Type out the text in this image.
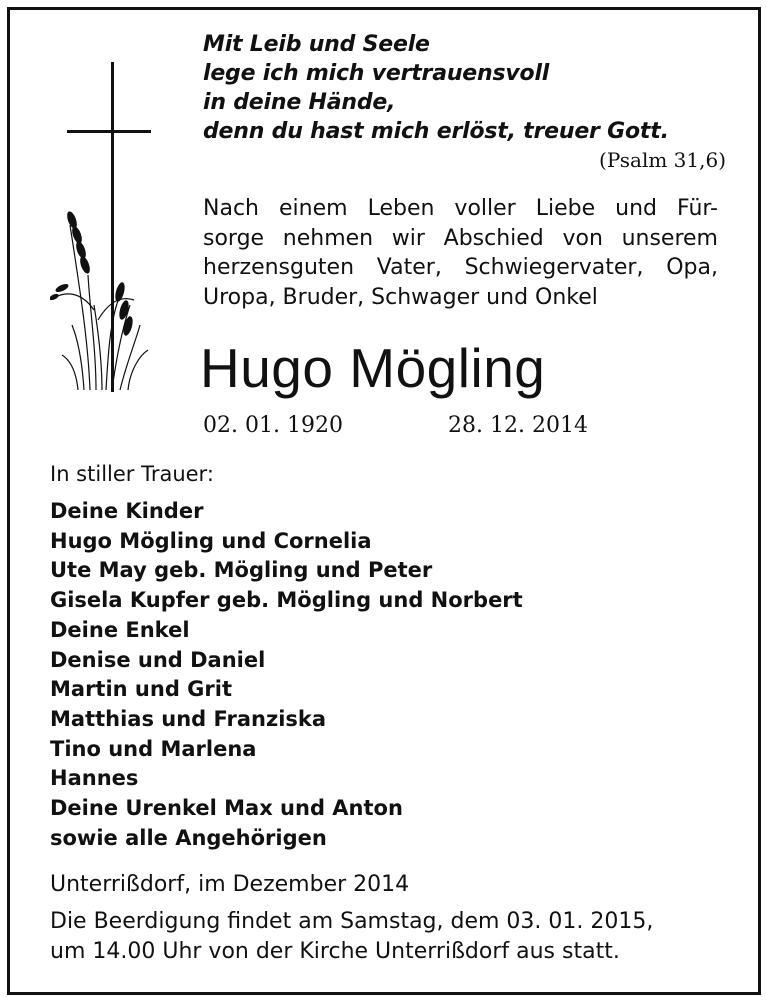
Mit Leib und Seele
lege ich mich vertrauensvoll
in deine Hände,
denn du hast mich erlöst, treuer Gott.
(Psalm 31,6)
Nach einem Leben voller Liebe und Für-
sorge nehmen wir Abschied von unserem
herzensguten Vater, Schwiegervater, Opa,
Uropa, Bruder, Schwager und Onkel
Hugo Mögling
02. 01. 1920	28. 12. 2014
In stiller Trauer:
Deine Kinder
Hugo Mögling und Cornelia
Ute May geb. Mögling und Peter
Gisela Kupfer geb. Mögling und Norbert
Deine Enkel
Denise und Daniel
Martin und Grit
Matthias und Franziska
Tino und Marlena
Hannes
Deine Urenkel Max und Anton
sowie alle Angehörigen
Unterrißdorf, im Dezember 2014
Die Beerdigung findet am Samstag, dem 03. 01. 2015,
um 14.00 Uhr von der Kirche Unterrißdorf aus statt.
